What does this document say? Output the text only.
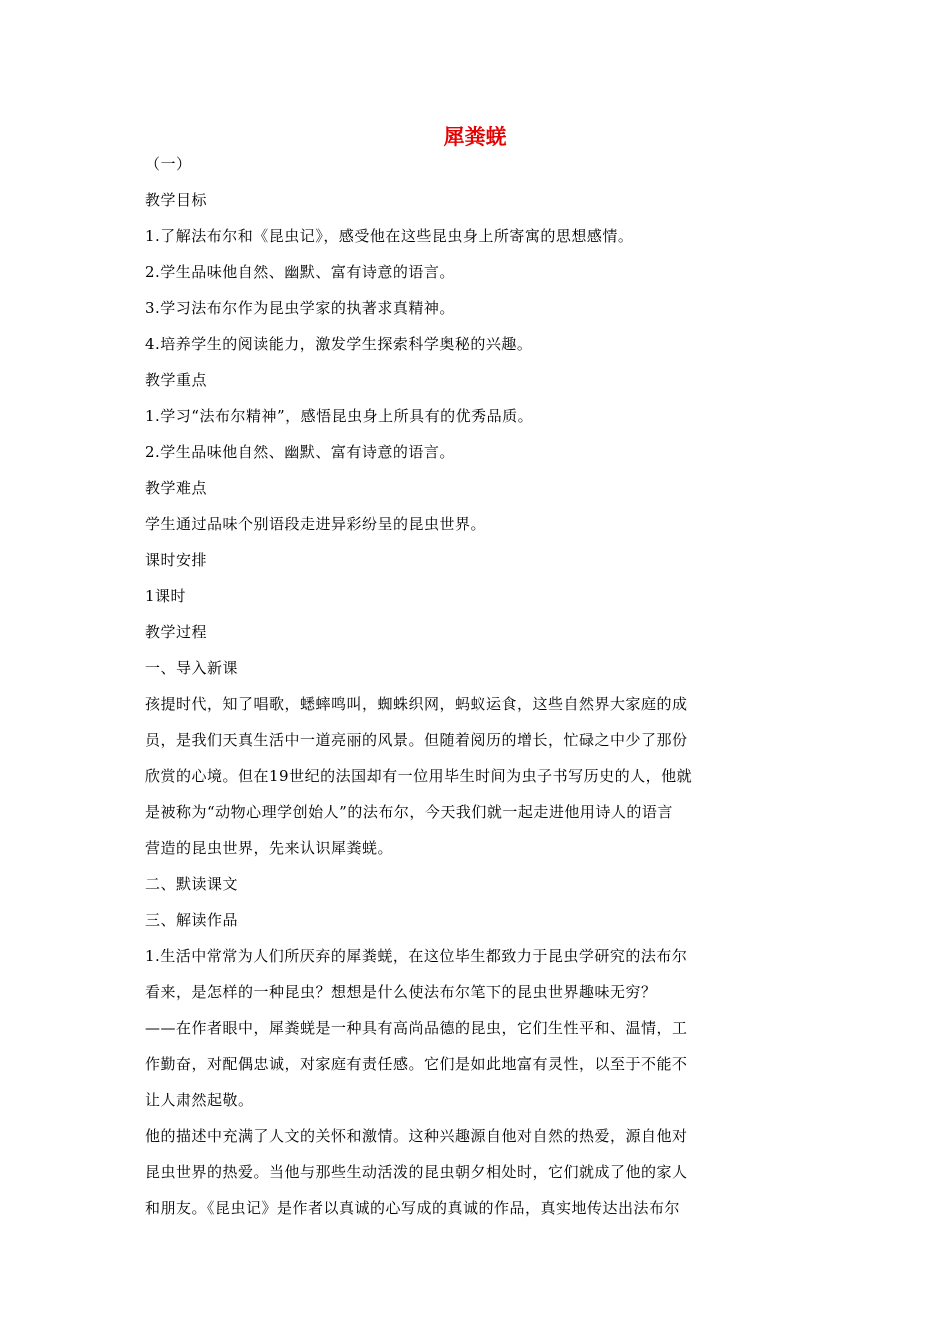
犀粪蜣
（一）
教学目标
1.了解法布尔和《昆虫记》，感受他在这些昆虫身上所寄寓的思想感情。
2.学生品味他自然、幽默、富有诗意的语言。
3.学习法布尔作为昆虫学家的执著求真精神。
4.培养学生的阅读能力，激发学生探索科学奥秘的兴趣。
教学重点
1.学习“法布尔精神”，感悟昆虫身上所具有的优秀品质。
2.学生品味他自然、幽默、富有诗意的语言。
教学难点
学生通过品味个别语段走进异彩纷呈的昆虫世界。
课时安排
1课时
教学过程
一、导入新课
孩提时代，知了唱歌，蟋蟀鸣叫，蜘蛛织网，蚂蚁运食，这些自然界大家庭的成
员，是我们天真生活中一道亮丽的风景。但随着阅历的增长，忙碌之中少了那份
欣赏的心境。但在19世纪的法国却有一位用毕生时间为虫子书写历史的人，他就
是被称为“动物心理学创始人”的法布尔，今天我们就一起走进他用诗人的语言
营造的昆虫世界，先来认识犀粪蜣。
二、默读课文
三、解读作品
1.生活中常常为人们所厌弃的犀粪蜣，在这位毕生都致力于昆虫学研究的法布尔
看来，是怎样的一种昆虫？想想是什么使法布尔笔下的昆虫世界趣味无穷？
——在作者眼中，犀粪蜣是一种具有高尚品德的昆虫，它们生性平和、温情，工
作勤奋，对配偶忠诚，对家庭有责任感。它们是如此地富有灵性，以至于不能不
让人肃然起敬。
他的描述中充满了人文的关怀和激情。这种兴趣源自他对自然的热爱，源自他对
昆虫世界的热爱。当他与那些生动活泼的昆虫朝夕相处时，它们就成了他的家人
和朋友。《昆虫记》是作者以真诚的心写成的真诚的作品，真实地传达出法布尔
